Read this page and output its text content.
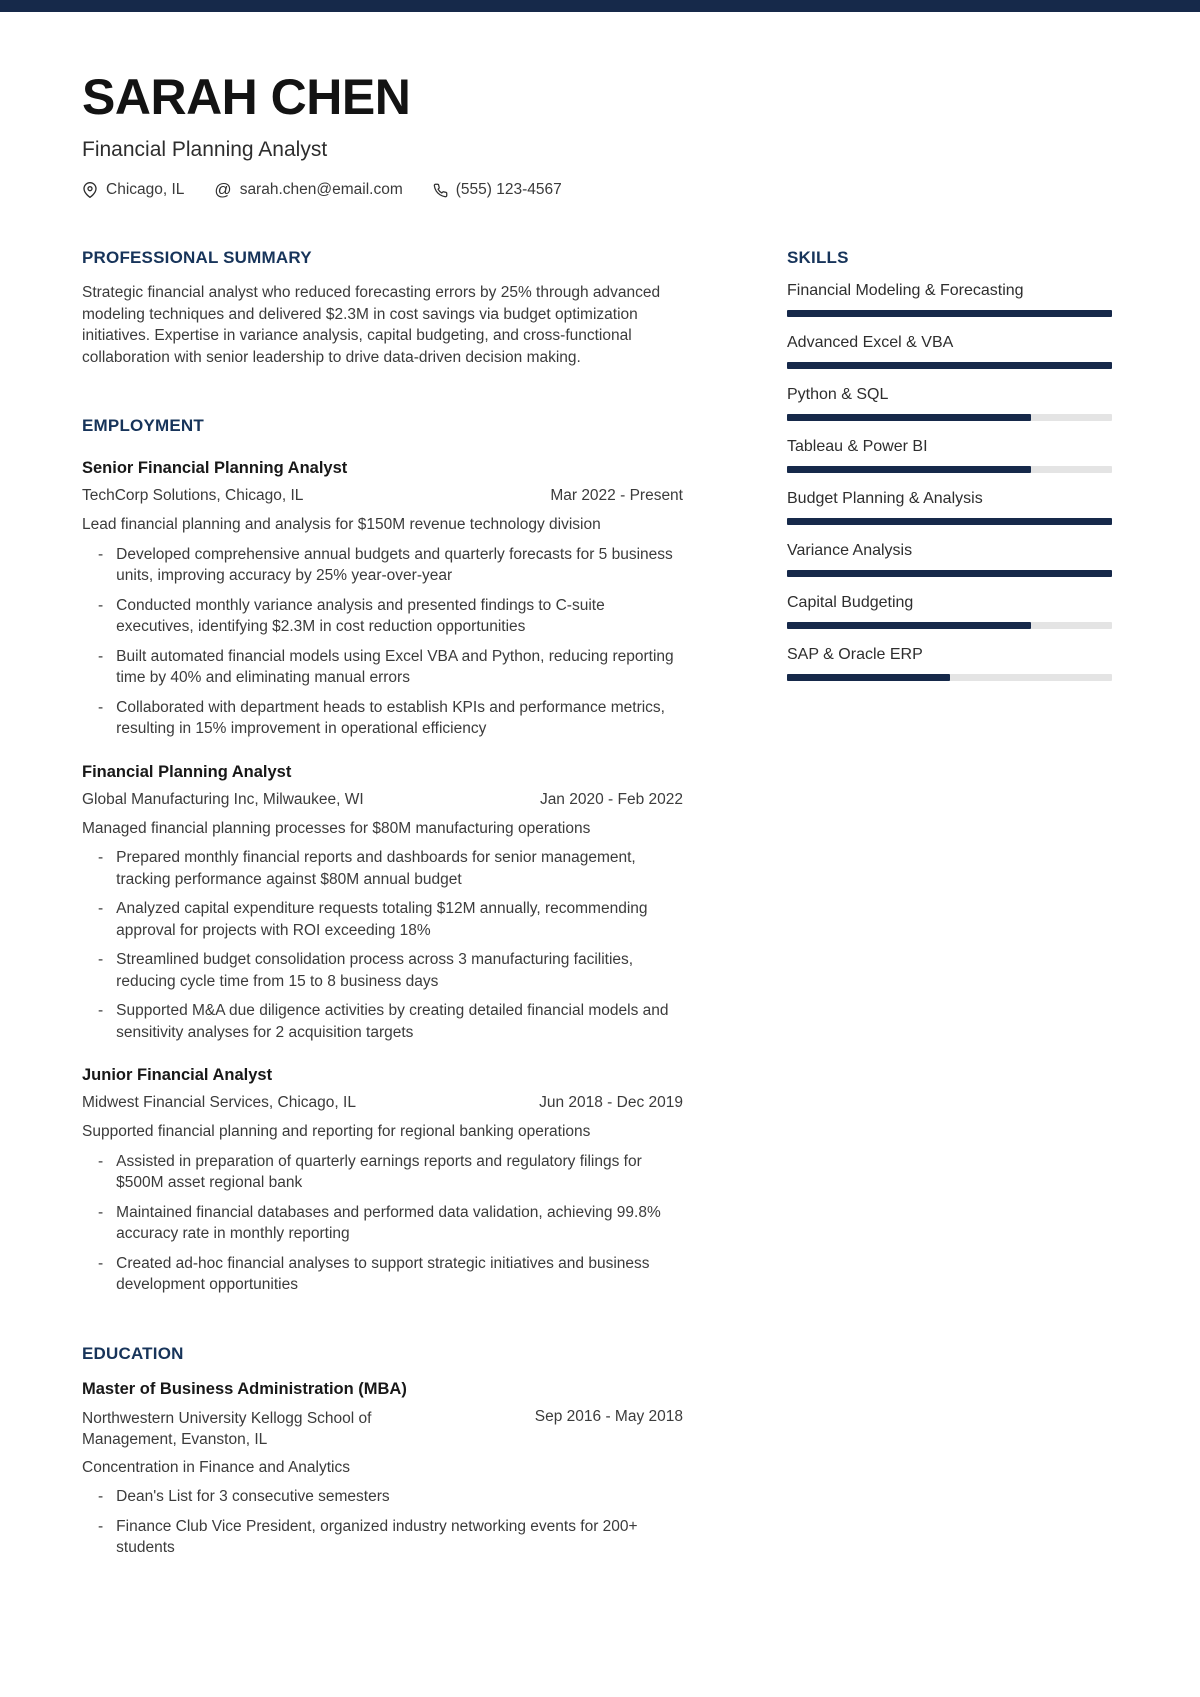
SARAH CHEN
Financial Planning Analyst
Chicago, IL @	sarah.chen@email.com	(555) 123-4567
PROFESSIONAL SUMMARY
Strategic financial analyst who reduced forecasting errors by 25% through advanced modeling techniques and delivered $2.3M in cost savings via budget optimization initiatives. Expertise in variance analysis, capital budgeting, and cross-functional collaboration with senior leadership to drive data-driven decision making.
EMPLOYMENT
Senior Financial Planning Analyst
TechCorp Solutions, Chicago, IL	Mar 2022 - Present
Lead financial planning and analysis for $150M revenue technology division
- Developed comprehensive annual budgets and quarterly forecasts for 5 business units, improving accuracy by 25% year-over-year
- Conducted monthly variance analysis and presented findings to C-suite executives, identifying $2.3M in cost reduction opportunities
- Built automated financial models using Excel VBA and Python, reducing reporting time by 40% and eliminating manual errors
- Collaborated with department heads to establish KPIs and performance metrics, resulting in 15% improvement in operational efficiency
Financial Planning Analyst
Global Manufacturing Inc, Milwaukee, WI	Jan 2020 - Feb 2022
Managed financial planning processes for $80M manufacturing operations
- Prepared monthly financial reports and dashboards for senior management, tracking performance against $80M annual budget
- Analyzed capital expenditure requests totaling $12M annually, recommending approval for projects with ROI exceeding 18%
- Streamlined budget consolidation process across 3 manufacturing facilities, reducing cycle time from 15 to 8 business days
- Supported M&A due diligence activities by creating detailed financial models and sensitivity analyses for 2 acquisition targets
Junior Financial Analyst
Midwest Financial Services, Chicago, IL	Jun 2018 - Dec 2019
Supported financial planning and reporting for regional banking operations
- Assisted in preparation of quarterly earnings reports and regulatory filings for $500M asset regional bank
- Maintained financial databases and performed data validation, achieving 99.8% accuracy rate in monthly reporting
- Created ad-hoc financial analyses to support strategic initiatives and business development opportunities
EDUCATION
Master of Business Administration (MBA)
Northwestern University Kellogg School of Management, Evanston, IL
Sep 2016 - May 2018
Concentration in Finance and Analytics
- Dean's List for 3 consecutive semesters
- Finance Club Vice President, organized industry networking events for 200+ students
SKILLS
Financial Modeling & Forecasting
Advanced Excel & VBA
Python & SQL
Tableau & Power BI
Budget Planning & Analysis
Variance Analysis
Capital Budgeting
SAP & Oracle ERP
